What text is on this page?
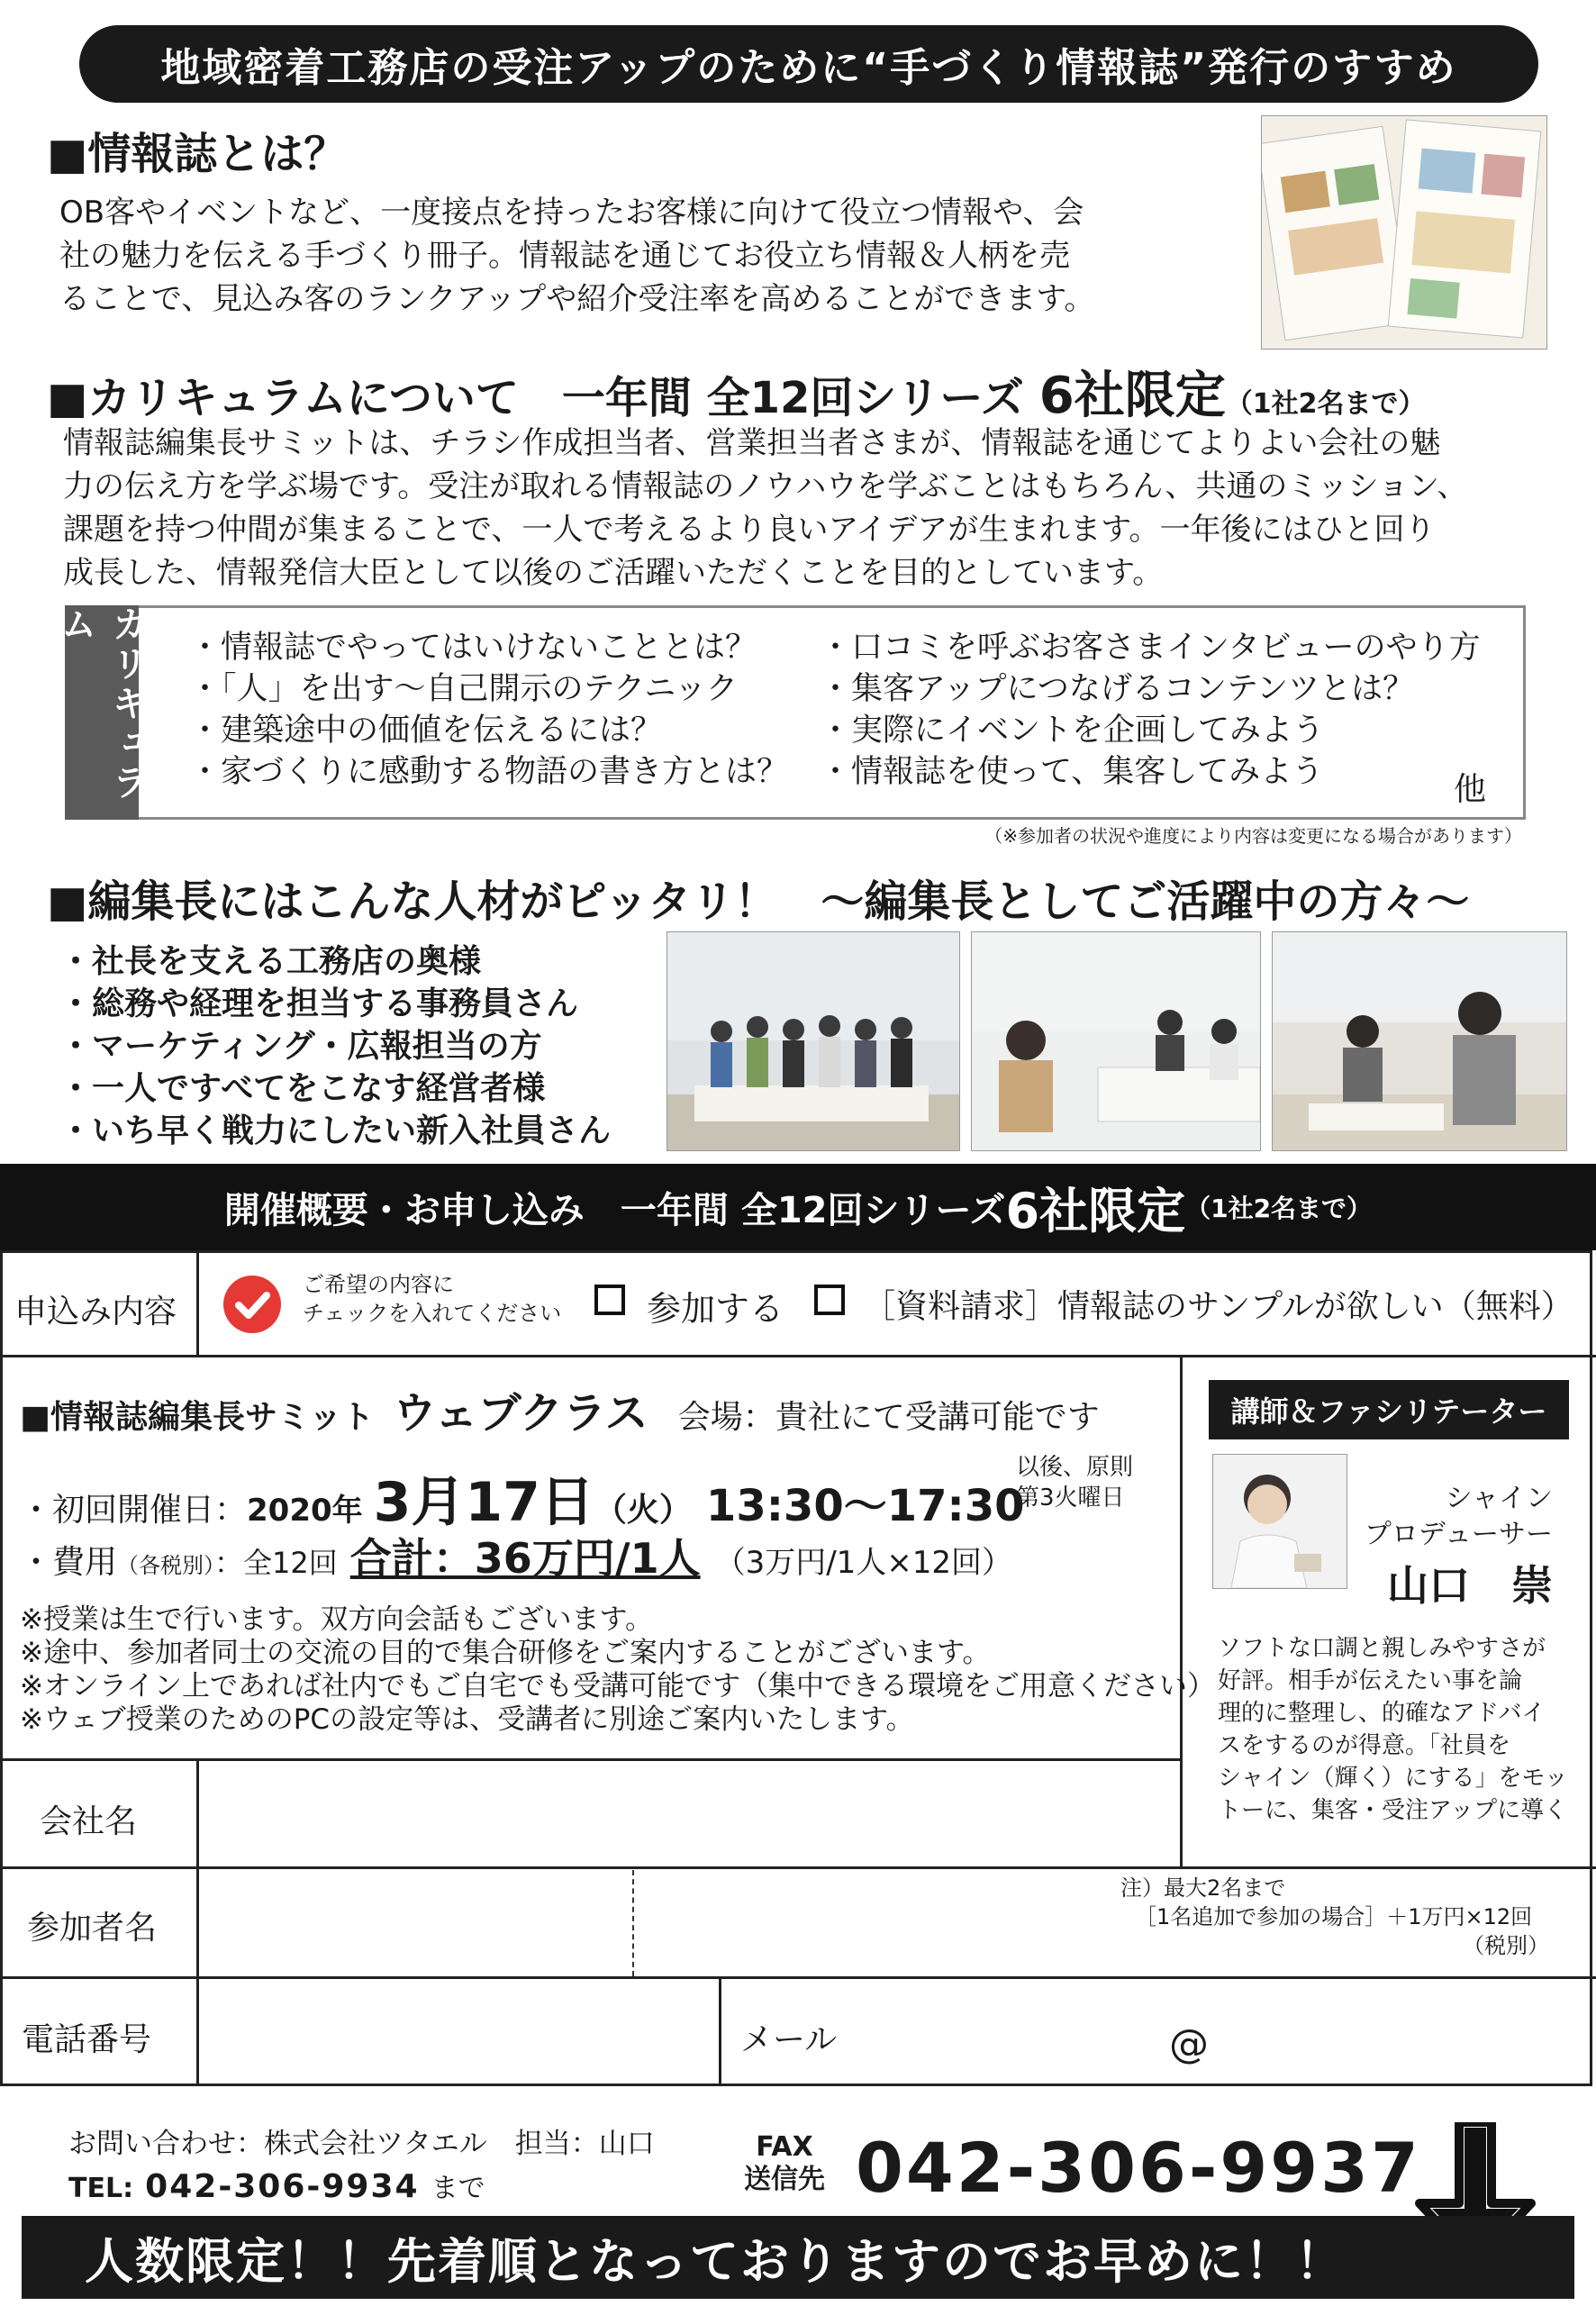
地域密着工務店の受注アップのために“手づくり情報誌”発行のすすめ
■情報誌とは？
OB客やイベントなど、一度接点を持ったお客様に向けて役立つ情報や、会
社の魅力を伝える手づくり冊子。情報誌を通じてお役立ち情報＆人柄を売
ることで、見込み客のランクアップや紹介受注率を高めることができます。
■カリキュラムについて　一年間 全12回シリーズ 6社限定（1社2名まで）
情報誌編集長サミットは、チラシ作成担当者、営業担当者さまが、情報誌を通じてよりよい会社の魅
力の伝え方を学ぶ場です。受注が取れる情報誌のノウハウを学ぶことはもちろん、共通のミッション、
課題を持つ仲間が集まることで、一人で考えるより良いアイデアが生まれます。一年後にはひと回り
成長した、情報発信大臣として以後のご活躍いただくことを目的としています。
カリキュラム
・情報誌でやってはいけないこととは？
・「人」を出す～自己開示のテクニック
・建築途中の価値を伝えるには？
・家づくりに感動する物語の書き方とは？
・口コミを呼ぶお客さまインタビューのやり方
・集客アップにつなげるコンテンツとは？
・実際にイベントを企画してみよう
・情報誌を使って、集客してみよう	他
（※参加者の状況や進度により内容は変更になる場合があります）
■編集長にはこんな人材がピッタリ！　～編集長としてご活躍中の方々～
・社長を支える工務店の奥様
・総務や経理を担当する事務員さん
・マーケティング・広報担当の方
・一人ですべてをこなす経営者様
・いち早く戦力にしたい新入社員さん
開催概要・お申し込み　一年間 全12回シリーズ 6社限定 （1社2名まで）
申込み内容
ご希望の内容に
チェックを入れてください 参加する ［資料請求］情報誌のサンプルが欲しい（無料）
■情報誌編集長サミット ウェブクラス 会場：貴社にて受講可能です
・初回開催日：2020年 3月17日（火） 13:30～17:30
以後、原則
第3火曜日
・費用（各税別）：全12回 合計：36万円/1人 （3万円/1人×12回）
※授業は生で行います。双方向会話もございます。
※途中、参加者同士の交流の目的で集合研修をご案内することがございます。
※オンライン上であれば社内でもご自宅でも受講可能です（集中できる環境をご用意ください）
※ウェブ授業のためのPCの設定等は、受講者に別途ご案内いたします。
講師＆ファシリテーター
シャイン
プロデューサー
山口　崇
ソフトな口調と親しみやすさが
好評。相手が伝えたい事を論
理的に整理し、的確なアドバイ
スをするのが得意。「社員を
シャイン（輝く）にする」をモッ
トーに、集客・受注アップに導く
会社名
参加者名
注）最大2名まで
［1名追加で参加の場合］＋1万円×12回
（税別）
電話番号	メール	@
お問い合わせ：株式会社ツタエル　担当：山口
TEL: 042-306-9934 まで
FAX
送信先 042-306-9937
人数限定！！先着順となっておりますのでお早めに！！
